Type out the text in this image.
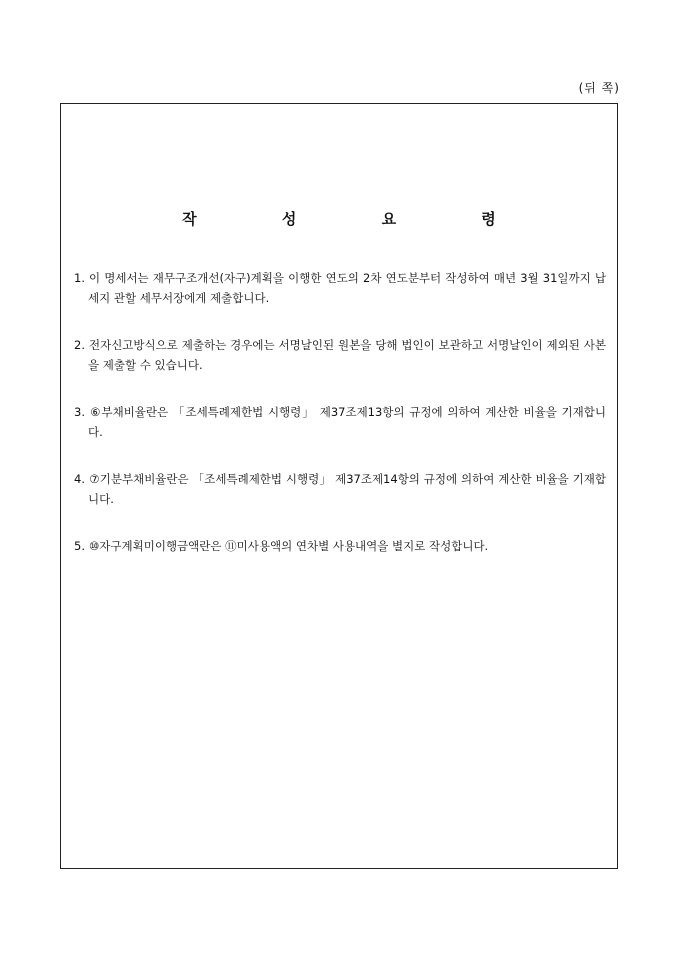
(뒤 쪽)
작 성 요 령
1. 이 명세서는 재무구조개선(자구)계획을 이행한 연도의 2차 연도분부터 작성하여 매년 3월 31일까지 납세지 관할 세무서장에게 제출합니다.
2. 전자신고방식으로 제출하는 경우에는 서명날인된 원본을 당해 법인이 보관하고 서명날인이 제외된 사본을 제출할 수 있습니다.
3. ⑥부채비율란은 「조세특례제한법 시행령」 제37조제13항의 규정에 의하여 계산한 비율을 기재합니다.
4. ⑦기분부채비율란은 「조세특례제한법 시행령」 제37조제14항의 규정에 의하여 계산한 비율을 기재합니다.
5. ⑩자구계획미이행금액란은 ⑪미사용액의 연차별 사용내역을 별지로 작성합니다.
